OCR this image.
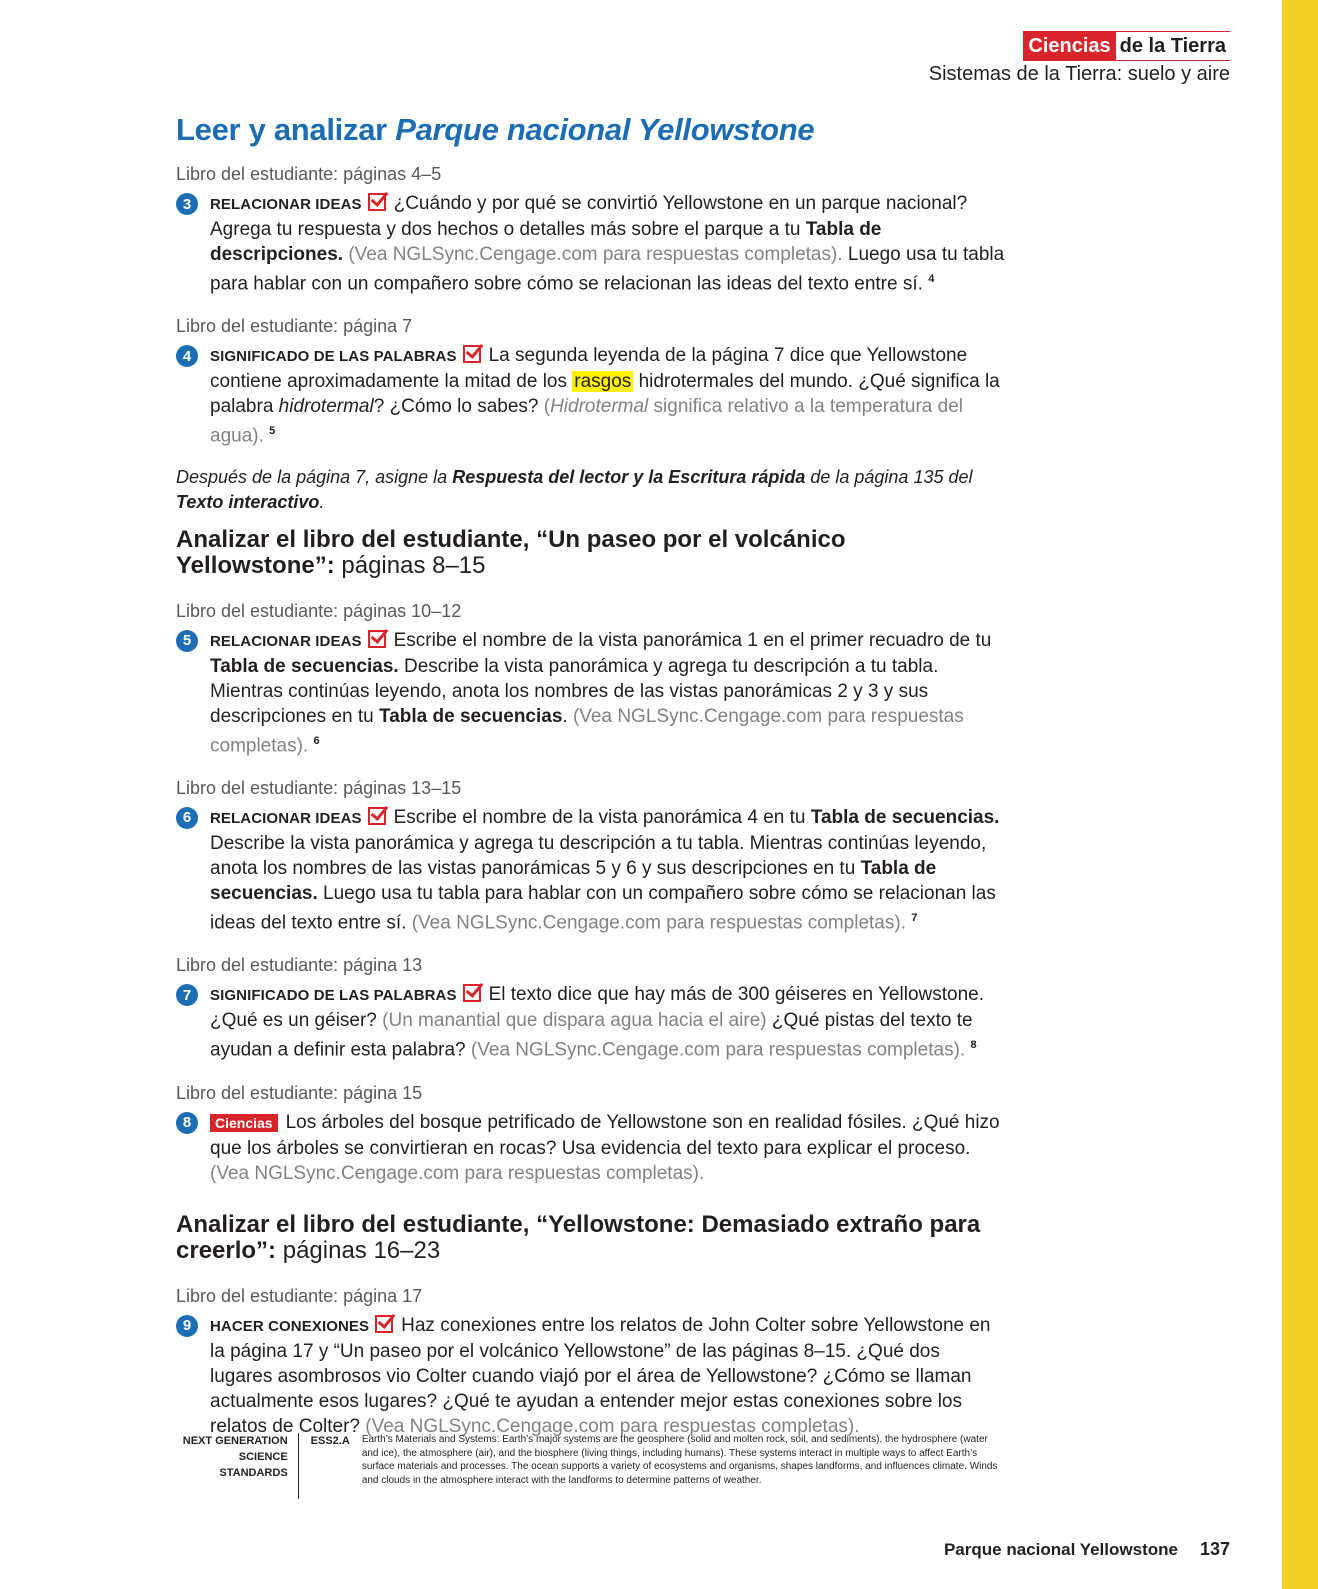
Ciencias de la Tierra
Sistemas de la Tierra: suelo y aire
Leer y analizar Parque nacional Yellowstone
Libro del estudiante: páginas 4–5
3	RELACIONAR IDEAS ¿Cuándo y por qué se convirtió Yellowstone en un parque nacional? Agrega tu respuesta y dos hechos o detalles más sobre el parque a tu Tabla de descripciones. (Vea NGLSync.Cengage.com para respuestas completas). Luego usa tu tabla para hablar con un compañero sobre cómo se relacionan las ideas del texto entre sí. $^4$
Libro del estudiante: página 7
4	SIGNIFICADO DE LAS PALABRAS La segunda leyenda de la página 7 dice que Yellowstone contiene aproximadamente la mitad de los rasgos hidrotermales del mundo. ¿Qué significa la palabra hidrotermal? ¿Cómo lo sabes? (Hidrotermal significa relativo a la temperatura del agua). $^5$
Después de la página 7, asigne la Respuesta del lector y la Escritura rápida de la página 135 del Texto interactivo.
Analizar el libro del estudiante, “Un paseo por el volcánico Yellowstone”: páginas 8–15
Libro del estudiante: páginas 10–12
5	RELACIONAR IDEAS Escribe el nombre de la vista panorámica 1 en el primer recuadro de tu Tabla de secuencias. Describe la vista panorámica y agrega tu descripción a tu tabla. Mientras continúas leyendo, anota los nombres de las vistas panorámicas 2 y 3 y sus descripciones en tu Tabla de secuencias. (Vea NGLSync.Cengage.com para respuestas completas). $^6$
Libro del estudiante: páginas 13–15
6	RELACIONAR IDEAS Escribe el nombre de la vista panorámica 4 en tu Tabla de secuencias. Describe la vista panorámica y agrega tu descripción a tu tabla. Mientras continúas leyendo, anota los nombres de las vistas panorámicas 5 y 6 y sus descripciones en tu Tabla de secuencias. Luego usa tu tabla para hablar con un compañero sobre cómo se relacionan las ideas del texto entre sí. (Vea NGLSync.Cengage.com para respuestas completas). $^7$
Libro del estudiante: página 13
7	SIGNIFICADO DE LAS PALABRAS El texto dice que hay más de 300 géiseres en Yellowstone. ¿Qué es un géiser? (Un manantial que dispara agua hacia el aire) ¿Qué pistas del texto te ayudan a definir esta palabra? (Vea NGLSync.Cengage.com para respuestas completas). $^8$
Libro del estudiante: página 15
8	Ciencias Los árboles del bosque petrificado de Yellowstone son en realidad fósiles. ¿Qué hizo que los árboles se convirtieran en rocas? Usa evidencia del texto para explicar el proceso. (Vea NGLSync.Cengage.com para respuestas completas).
Analizar el libro del estudiante, “Yellowstone: Demasiado extraño para creerlo”: páginas 16–23
Libro del estudiante: página 17
9	HACER CONEXIONES Haz conexiones entre los relatos de John Colter sobre Yellowstone en la página 17 y “Un paseo por el volcánico Yellowstone” de las páginas 8–15. ¿Qué dos lugares asombrosos vio Colter cuando viajó por el área de Yellowstone? ¿Cómo se llaman actualmente esos lugares? ¿Qué te ayudan a entender mejor estas conexiones sobre los relatos de Colter? (Vea NGLSync.Cengage.com para respuestas completas).
NEXT GENERATION
SCIENCE
STANDARDS
ESS2.A	Earth’s Materials and Systems: Earth’s major systems are the geosphere (solid and molten rock, soil, and sediments), the hydrosphere (water and ice), the atmosphere (air), and the biosphere (living things, including humans). These systems interact in multiple ways to affect Earth’s surface materials and processes. The ocean supports a variety of ecosystems and organisms, shapes landforms, and influences climate. Winds and clouds in the atmosphere interact with the landforms to determine patterns of weather.
Parque nacional Yellowstone 137
